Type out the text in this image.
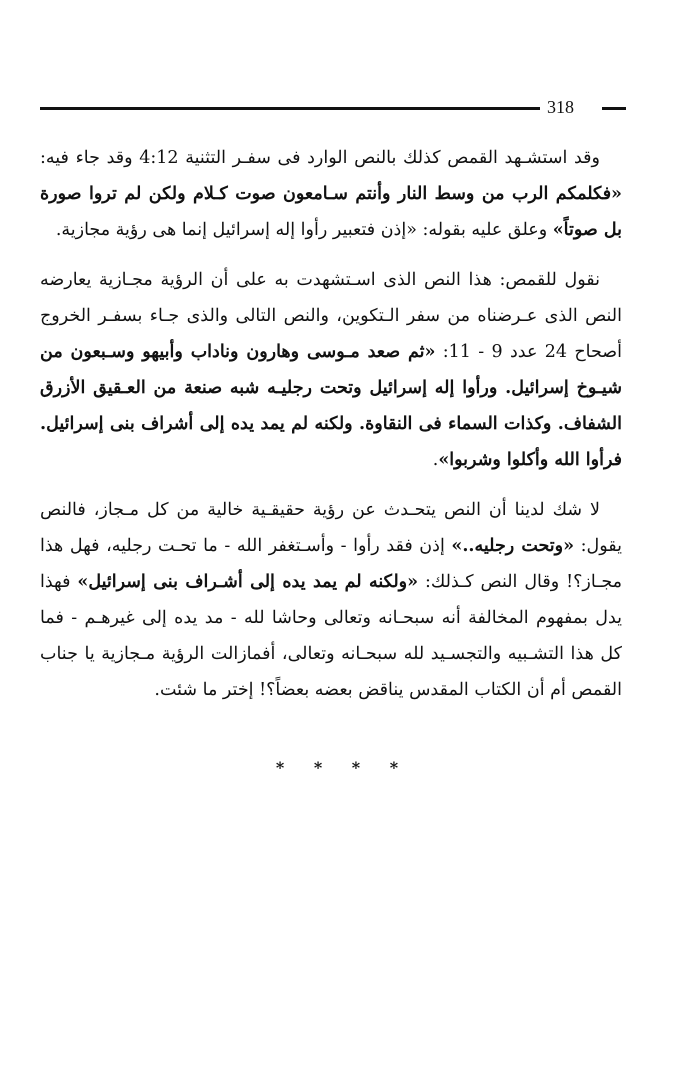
318

وقد استشـهد القمص كذلك بالنص الوارد فى سفـر التثنية 4:12 وقد جاء فيه: «فكلمكم الرب من وسط النار وأنتم سـامعون صوت كـلام ولكن لم تروا صورة بل صوتاً» وعلق عليه بقوله: «إذن فتعبير رأوا إله إسرائيل إنما هى رؤية مجازية.

نقول للقمص: هذا النص الذى اسـتشهدت به على أن الرؤية مجـازية يعارضه النص الذى عـرضناه من سفر الـتكوين، والنص التالى والذى جـاء بسفـر الخروج أصحاح 24 عدد 9 - 11: «ثم صعد مـوسى وهارون وناداب وأبيهو وسـبعون من شيـوخ إسرائيل. ورأوا إله إسرائيل وتحت رجليـه شبه صنعة من العـقيق الأزرق الشفاف. وكذات السماء فى النقاوة. ولكنه لم يمد يده إلى أشراف بنى إسرائيل. فرأوا الله وأكلوا وشربوا».

لا شك لدينا أن النص يتحـدث عن رؤية حقيقـية خالية من كل مـجاز، فالنص يقول: «وتحت رجليه..» إذن فقد رأوا - وأسـتغفر الله - ما تحـت رجليه، فهل هذا مجـاز؟! وقال النص كـذلك: «ولكنه لم يمد يده إلى أشـراف بنى إسرائيل» فهذا يدل بمفهوم المخالفة أنه سبحـانه وتعالى وحاشا لله - مد يده إلى غيرهـم - فما كل هذا التشـبيه والتجسـيد لله سبحـانه وتعالى، أفمازالت الرؤية مـجازية يا جناب القمص أم أن الكتاب المقدس يناقض بعضه بعضاً؟! إختر ما شئت.

* * * *
